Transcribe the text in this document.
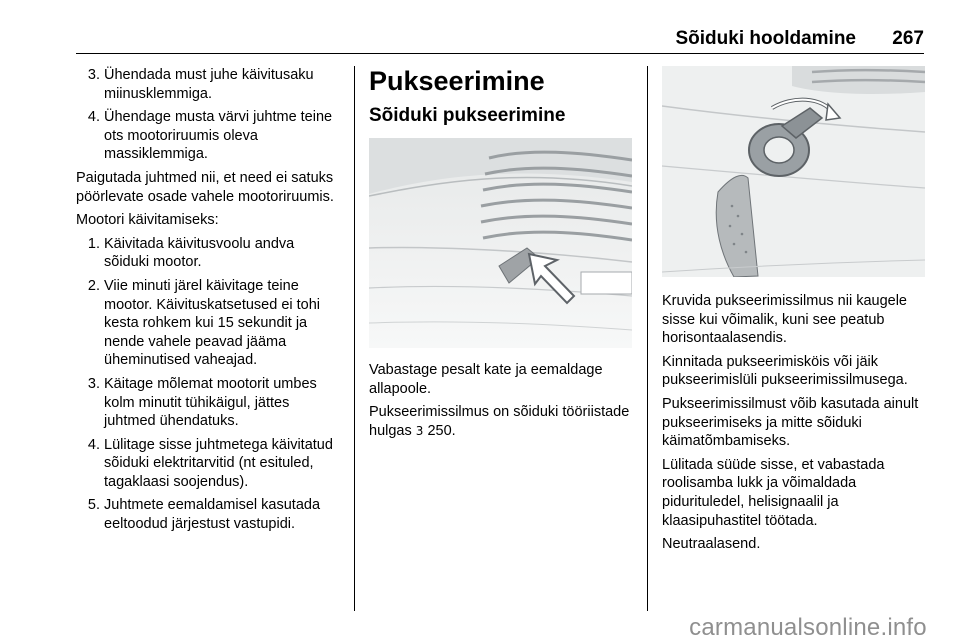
Sõiduki hooldamine	267
3. Ühendada must juhe käivitusaku miinusklemmiga.
4. Ühendage musta värvi juhtme teine ots mootoriruumis oleva massiklemmiga.

Paigutada juhtmed nii, et need ei satuks pöörlevate osade vahele mootoriruumis.

Mootori käivitamiseks:

1. Käivitada käivitusvoolu andva sõiduki mootor.
2. Viie minuti järel käivitage teine mootor. Käivituskatsetused ei tohi kesta rohkem kui 15 sekundit ja nende vahele peavad jääma üheminutised vaheajad.
3. Käitage mõlemat mootorit umbes kolm minutit tühikäigul, jättes juhtmed ühendatuks.
4. Lülitage sisse juhtmetega käivitatud sõiduki elektritarvitid (nt esituled, tagaklaasi soojendus).
5. Juhtmete eemaldamisel kasutada eeltoodud järjestust vastupidi.
Pukseerimine
Sõiduki pukseerimine

Vabastage pesalt kate ja eemaldage allapoole.

Pukseerimissilmus on sõiduki tööriistade hulgas 3 250.

Kruvida pukseerimissilmus nii kaugele sisse kui võimalik, kuni see peatub horisontaalasendis.

Kinnitada pukseerimisköis või jäik pukseerimislüli pukseerimissilmusega.

Pukseerimissilmust võib kasutada ainult pukseerimiseks ja mitte sõiduki käimatõmbamiseks.

Lülitada süüde sisse, et vabastada roolisamba lukk ja võimaldada pidurituledel, helisignaalil ja klaasipuhastitel töötada.

Neutraalasend.

carmanualsonline.info
